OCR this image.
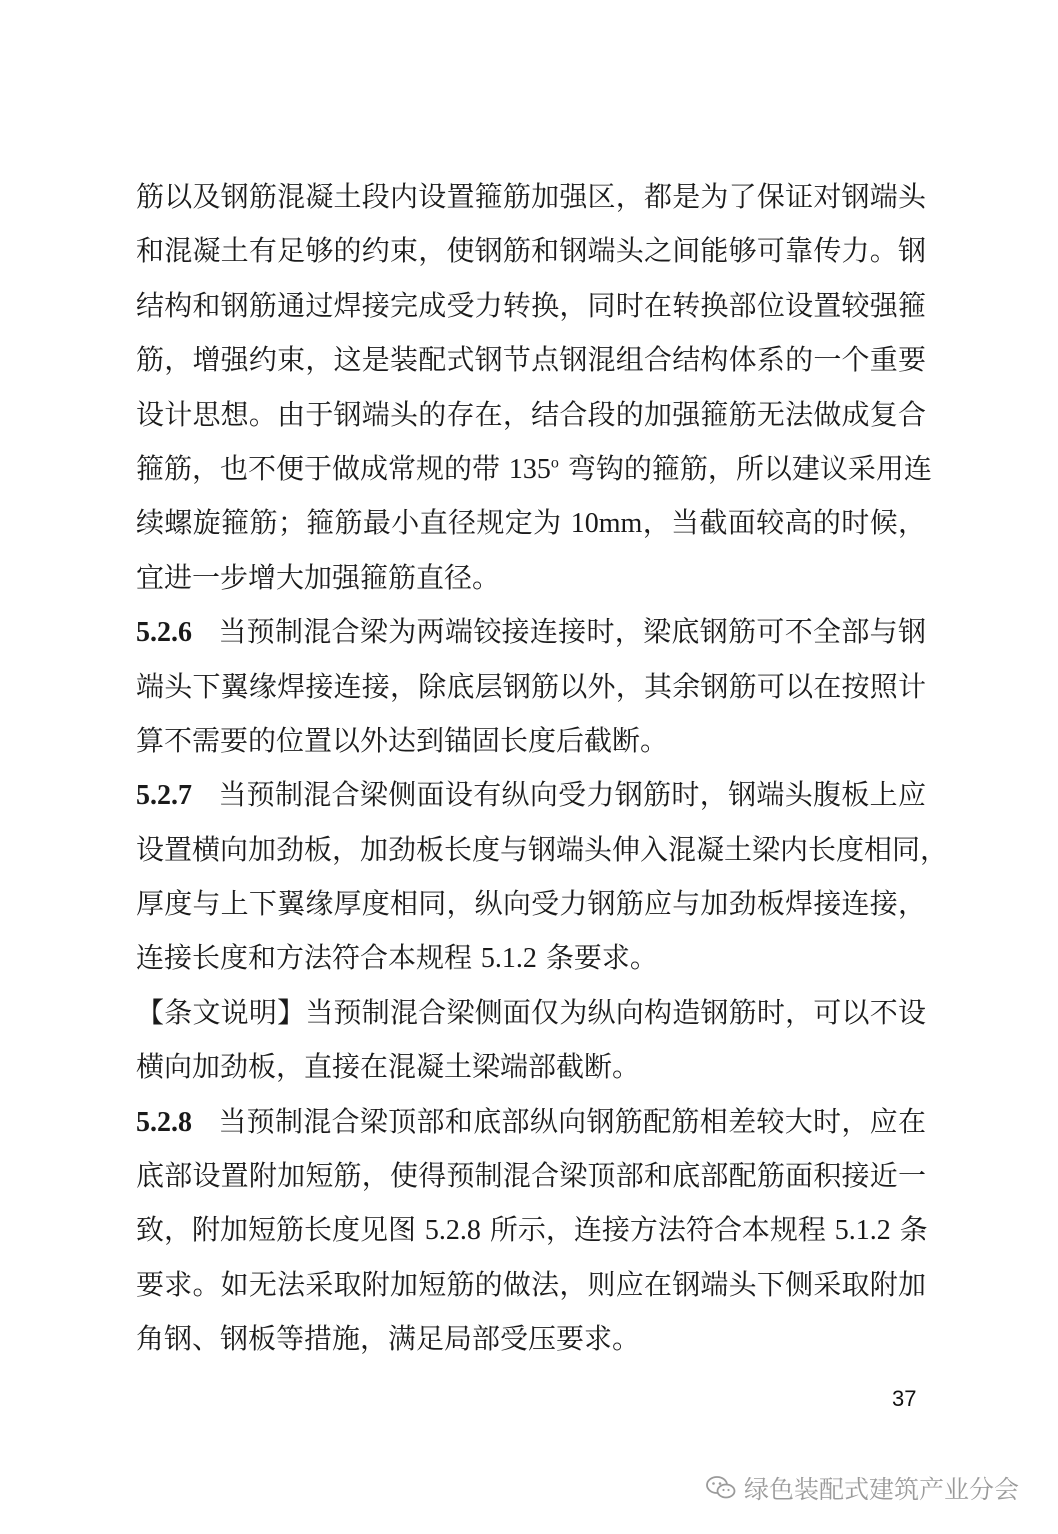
筋以及钢筋混凝土段内设置箍筋加强区，都是为了保证对钢端头
和混凝土有足够的约束，使钢筋和钢端头之间能够可靠传力。钢
结构和钢筋通过焊接完成受力转换，同时在转换部位设置较强箍
筋，增强约束，这是装配式钢节点钢混组合结构体系的一个重要
设计思想。由于钢端头的存在，结合段的加强箍筋无法做成复合
箍筋，也不便于做成常规的带 135$^o$ 弯钩的箍筋，所以建议采用连
续螺旋箍筋；箍筋最小直径规定为 10mm，当截面较高的时候，
宜进一步增大加强箍筋直径。
5.2.6 当预制混合梁为两端铰接连接时，梁底钢筋可不全部与钢
端头下翼缘焊接连接，除底层钢筋以外，其余钢筋可以在按照计
算不需要的位置以外达到锚固长度后截断。
5.2.7 当预制混合梁侧面设有纵向受力钢筋时，钢端头腹板上应
设置横向加劲板，加劲板长度与钢端头伸入混凝土梁内长度相同，
厚度与上下翼缘厚度相同，纵向受力钢筋应与加劲板焊接连接，
连接长度和方法符合本规程 5.1.2 条要求。
【条文说明】当预制混合梁侧面仅为纵向构造钢筋时，可以不设
横向加劲板，直接在混凝土梁端部截断。
5.2.8 当预制混合梁顶部和底部纵向钢筋配筋相差较大时，应在
底部设置附加短筋，使得预制混合梁顶部和底部配筋面积接近一
致，附加短筋长度见图 5.2.8 所示，连接方法符合本规程 5.1.2 条
要求。如无法采取附加短筋的做法，则应在钢端头下侧采取附加
角钢、钢板等措施，满足局部受压要求。
37
绿色装配式建筑产业分会
